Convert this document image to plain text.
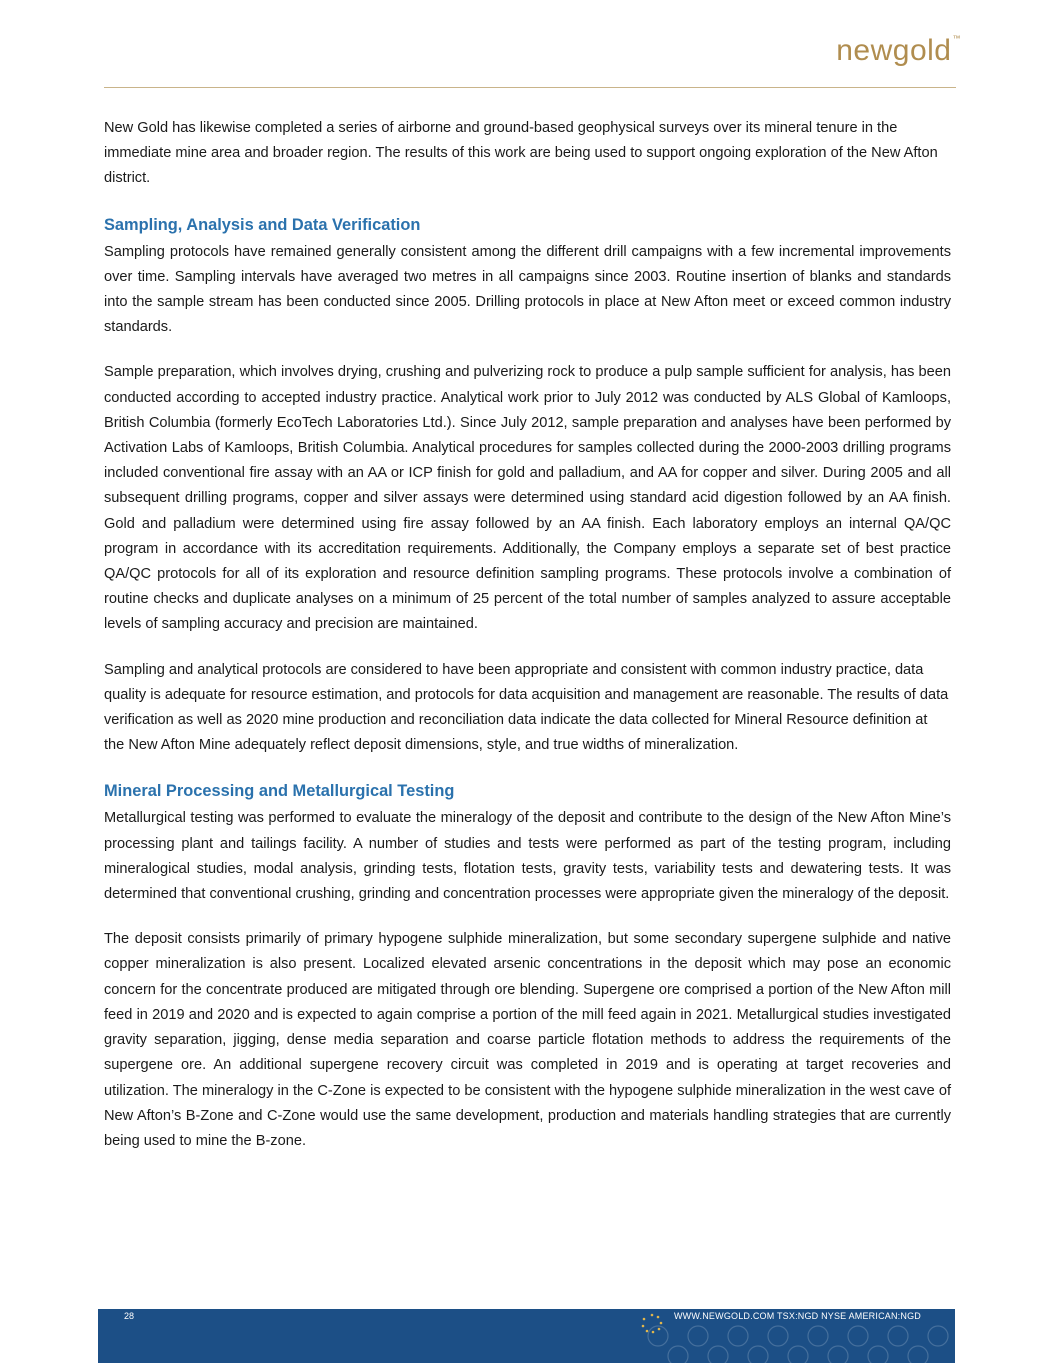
newgold™

New Gold has likewise completed a series of airborne and ground-based geophysical surveys over its mineral tenure in the immediate mine area and broader region. The results of this work are being used to support ongoing exploration of the New Afton district.

Sampling, Analysis and Data Verification

Sampling protocols have remained generally consistent among the different drill campaigns with a few incremental improvements over time. Sampling intervals have averaged two metres in all campaigns since 2003. Routine insertion of blanks and standards into the sample stream has been conducted since 2005. Drilling protocols in place at New Afton meet or exceed common industry standards.

Sample preparation, which involves drying, crushing and pulverizing rock to produce a pulp sample sufficient for analysis, has been conducted according to accepted industry practice. Analytical work prior to July 2012 was conducted by ALS Global of Kamloops, British Columbia (formerly EcoTech Laboratories Ltd.). Since July 2012, sample preparation and analyses have been performed by Activation Labs of Kamloops, British Columbia. Analytical procedures for samples collected during the 2000-2003 drilling programs included conventional fire assay with an AA or ICP finish for gold and palladium, and AA for copper and silver. During 2005 and all subsequent drilling programs, copper and silver assays were determined using standard acid digestion followed by an AA finish. Gold and palladium were determined using fire assay followed by an AA finish. Each laboratory employs an internal QA/QC program in accordance with its accreditation requirements. Additionally, the Company employs a separate set of best practice QA/QC protocols for all of its exploration and resource definition sampling programs. These protocols involve a combination of routine checks and duplicate analyses on a minimum of 25 percent of the total number of samples analyzed to assure acceptable levels of sampling accuracy and precision are maintained.

Sampling and analytical protocols are considered to have been appropriate and consistent with common industry practice, data quality is adequate for resource estimation, and protocols for data acquisition and management are reasonable. The results of data verification as well as 2020 mine production and reconciliation data indicate the data collected for Mineral Resource definition at the New Afton Mine adequately reflect deposit dimensions, style, and true widths of mineralization.

Mineral Processing and Metallurgical Testing

Metallurgical testing was performed to evaluate the mineralogy of the deposit and contribute to the design of the New Afton Mine’s processing plant and tailings facility. A number of studies and tests were performed as part of the testing program, including mineralogical studies, modal analysis, grinding tests, flotation tests, gravity tests, variability tests and dewatering tests. It was determined that conventional crushing, grinding and concentration processes were appropriate given the mineralogy of the deposit.

The deposit consists primarily of primary hypogene sulphide mineralization, but some secondary supergene sulphide and native copper mineralization is also present. Localized elevated arsenic concentrations in the deposit which may pose an economic concern for the concentrate produced are mitigated through ore blending. Supergene ore comprised a portion of the New Afton mill feed in 2019 and 2020 and is expected to again comprise a portion of the mill feed again in 2021. Metallurgical studies investigated gravity separation, jigging, dense media separation and coarse particle flotation methods to address the requirements of the supergene ore. An additional supergene recovery circuit was completed in 2019 and is operating at target recoveries and utilization. The mineralogy in the C-Zone is expected to be consistent with the hypogene sulphide mineralization in the west cave of New Afton’s B-Zone and C-Zone would use the same development, production and materials handling strategies that are currently being used to mine the B-zone.

28	WWW.NEWGOLD.COM TSX:NGD NYSE AMERICAN:NGD
